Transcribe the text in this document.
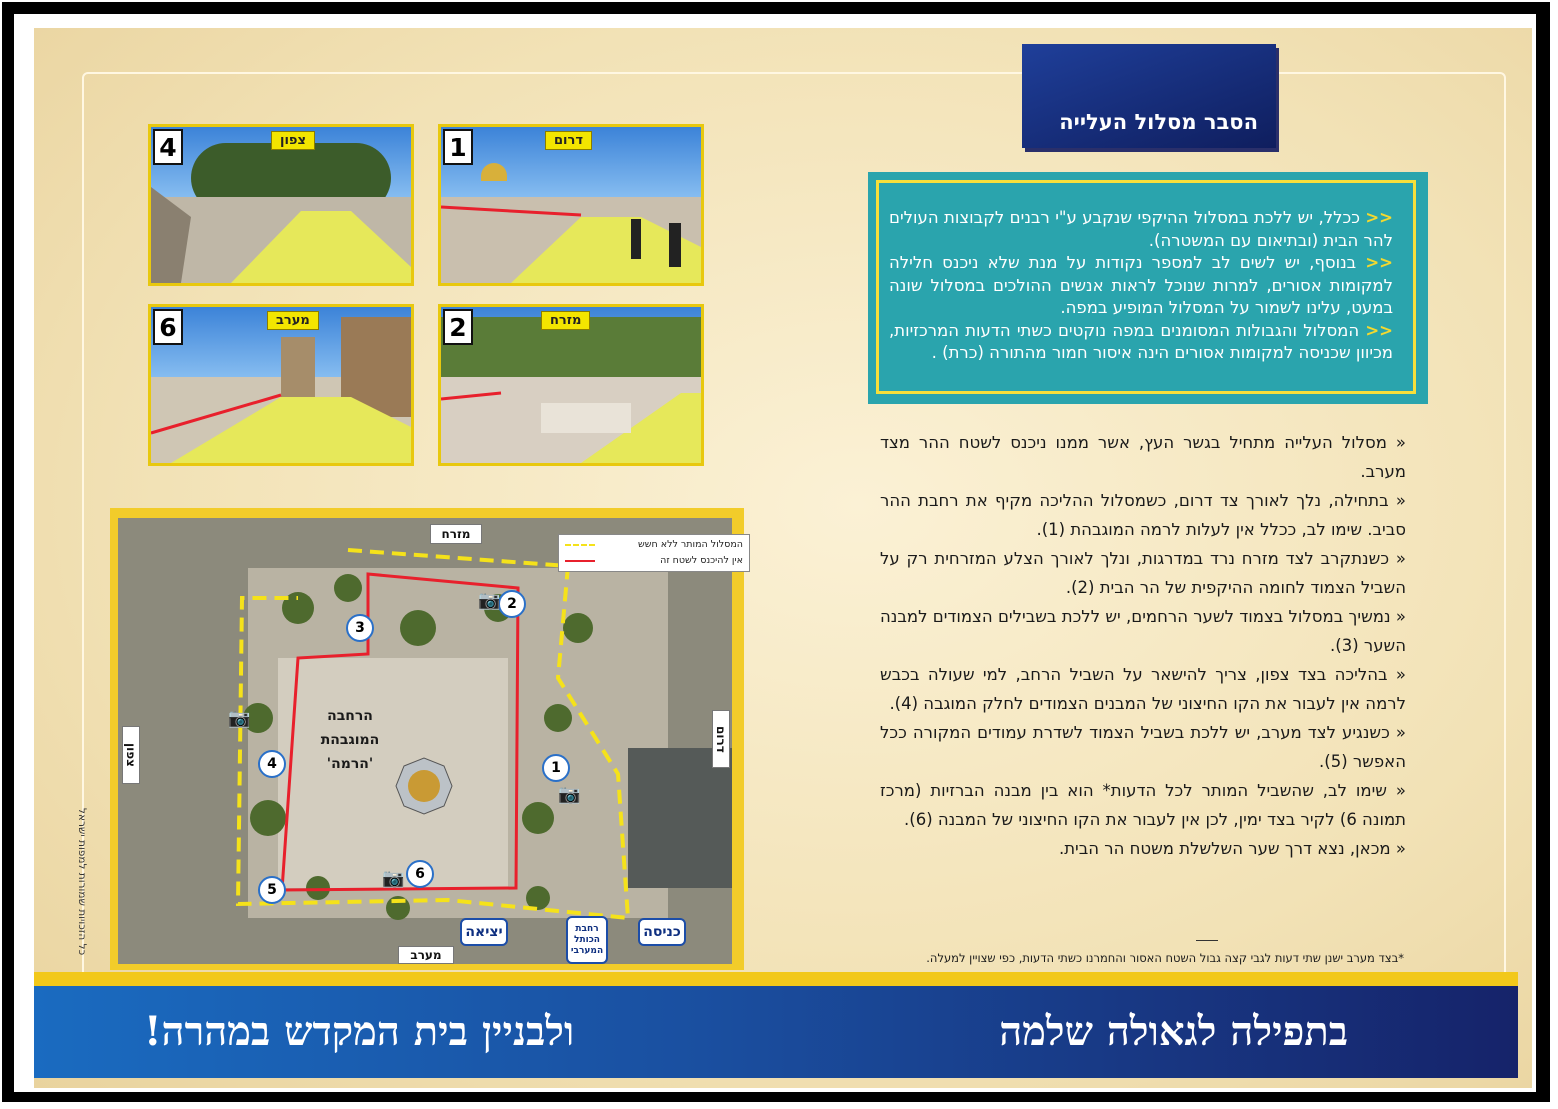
הסבר מסלול העלייה

<< ככלל, יש ללכת במסלול ההיקפי שנקבע ע"י רבנים לקבוצות העולים להר הבית (ובתיאום עם המשטרה).

<< בנוסף, יש לשים לב למספר נקודות על מנת שלא ניכנס חלילה למקומות אסורים, למרות שנוכל לראות אנשים ההולכים במסלול שונה במעט, עלינו לשמור על המסלול המופיע במפה.

<< המסלול והגבולות המסומנים במפה נוקטים כשתי הדעות המרכזיות, מכיוון שכניסה למקומות אסורים הינה איסור חמור מהתורה (כרת) .

« מסלול העלייה מתחיל בגשר העץ, אשר ממנו ניכנס לשטח ההר מצד מערב.

« בתחילה, נלך לאורך צד דרום, כשמסלול ההליכה מקיף את רחבת ההר סביב. שימו לב, ככלל אין לעלות לרמה המוגבהת (1).

« כשנתקרב לצד מזרח נרד במדרגות, ונלך לאורך הצלע המזרחית רק על השביל הצמוד לחומה ההיקפית של הר הבית (2).

« נמשיך במסלול בצמוד לשער הרחמים, יש ללכת בשבילים הצמודים למבנה השער (3).

« בהליכה בצד צפון, צריך להישאר על השביל הרחב, למי שעולה בכבש לרמה אין לעבור את הקו החיצוני של המבנים הצמודים לחלק המוגבה (4).

« כשנגיע לצד מערב, יש ללכת בשביל הצמוד לשדרת עמודים המקורה ככל האפשר (5).

« שימו לב, שהשביל המותר לכל הדעות* הוא בין מבנה הברזיות (מרכז תמונה 6) לקיר בצד ימין, לכן אין לעבור את הקו החיצוני של המבנה (6).

« מכאן, נצא דרך שער השלשלת משטח הר הבית.

*בצד מערב ישנן שתי דעות לגבי קצה גבול השטח האסור והחמרנו כשתי הדעות, כפי שצויין למעלה.
1	דרום
2	מזרח
4	צפון
6	מערב
מזרח
צפון
דרום
הרחבה
המוגבהת
'הרמה'
יציאה	כניסה
רחבת
הכותל
המערבי
מערב
1
2
3
4
5
6
📷
📷
📷
📷
המסלול המותר ללא חשש
אין להיכנס לשטח זה
כל הזכויות שמורות למפות ישראל
בתפילה לגאולה שלמה
ולבניין בית המקדש במהרה!
